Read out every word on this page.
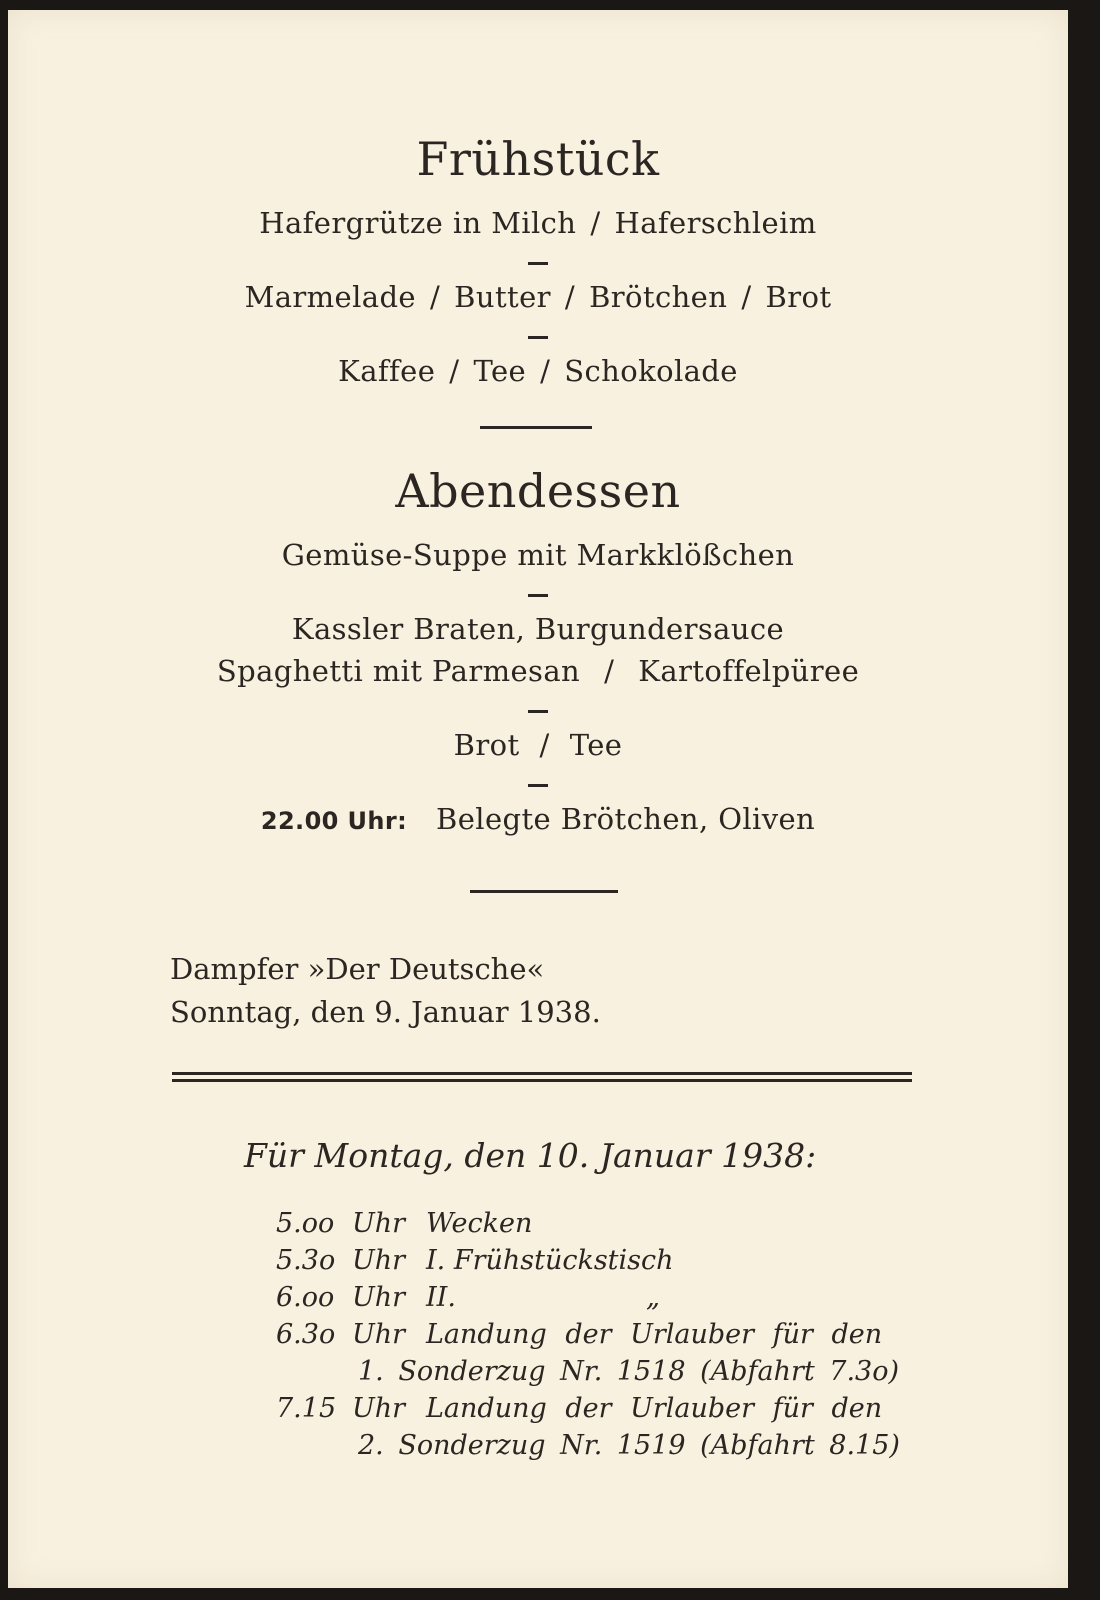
Frühstück
Hafergrütze in Milch / Haferschleim
Marmelade / Butter / Brötchen / Brot
Kaffee / Tee / Schokolade
Abendessen
Gemüse-Suppe mit Markklößchen
Kassler Braten, Burgundersauce
Spaghetti mit Parmesan / Kartoffelpüree
Brot / Tee
22.00 Uhr: Belegte Brötchen, Oliven
Dampfer »Der Deutsche«
Sonntag, den 9. Januar 1938.
Für Montag, den 10. Januar 1938:
5.oo Uhr Wecken
5.3o Uhr I. Frühstückstisch
6.oo Uhr II.	„
6.3o Uhr Landung der Urlauber für den
1. Sonderzug Nr. 1518 (Abfahrt 7.3o)
7.15 Uhr Landung der Urlauber für den
2. Sonderzug Nr. 1519 (Abfahrt 8.15)
